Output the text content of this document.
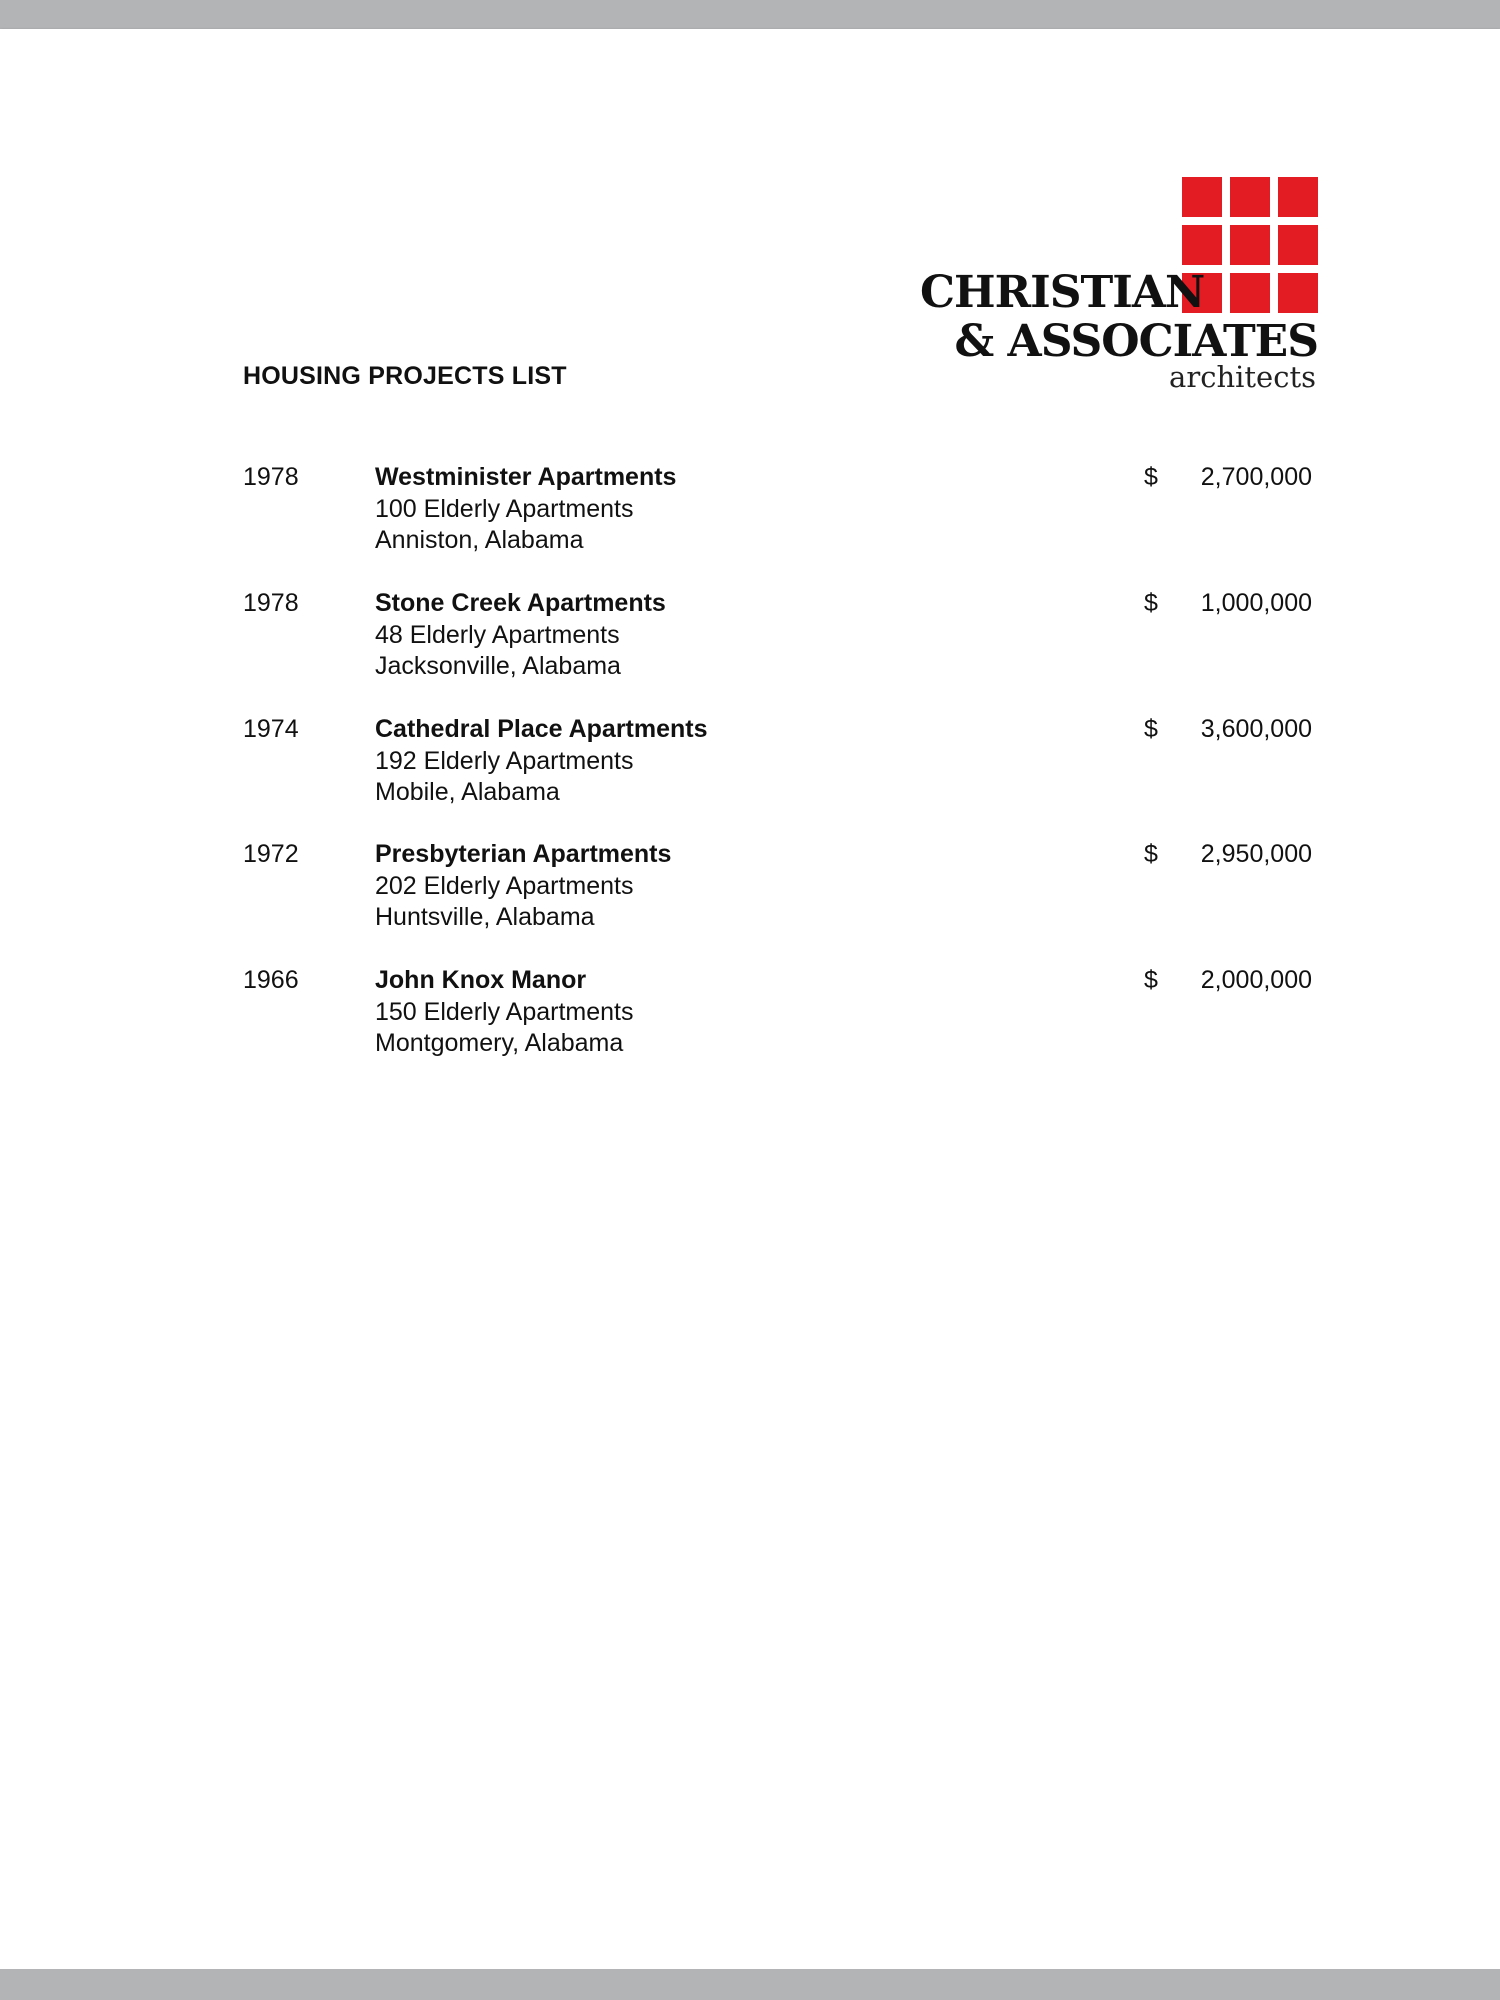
CHRISTIAN
& ASSOCIATES
architects
HOUSING PROJECTS LIST
1978	Westminister Apartments
100 Elderly Apartments
Anniston, Alabama
$ 2,700,000
1978	Stone Creek Apartments
48 Elderly Apartments
Jacksonville, Alabama
$ 1,000,000
1974	Cathedral Place Apartments
192 Elderly Apartments
Mobile, Alabama
$ 3,600,000
1972	Presbyterian Apartments
202 Elderly Apartments
Huntsville, Alabama
$ 2,950,000
1966	John Knox Manor
150 Elderly Apartments
Montgomery, Alabama
$ 2,000,000
